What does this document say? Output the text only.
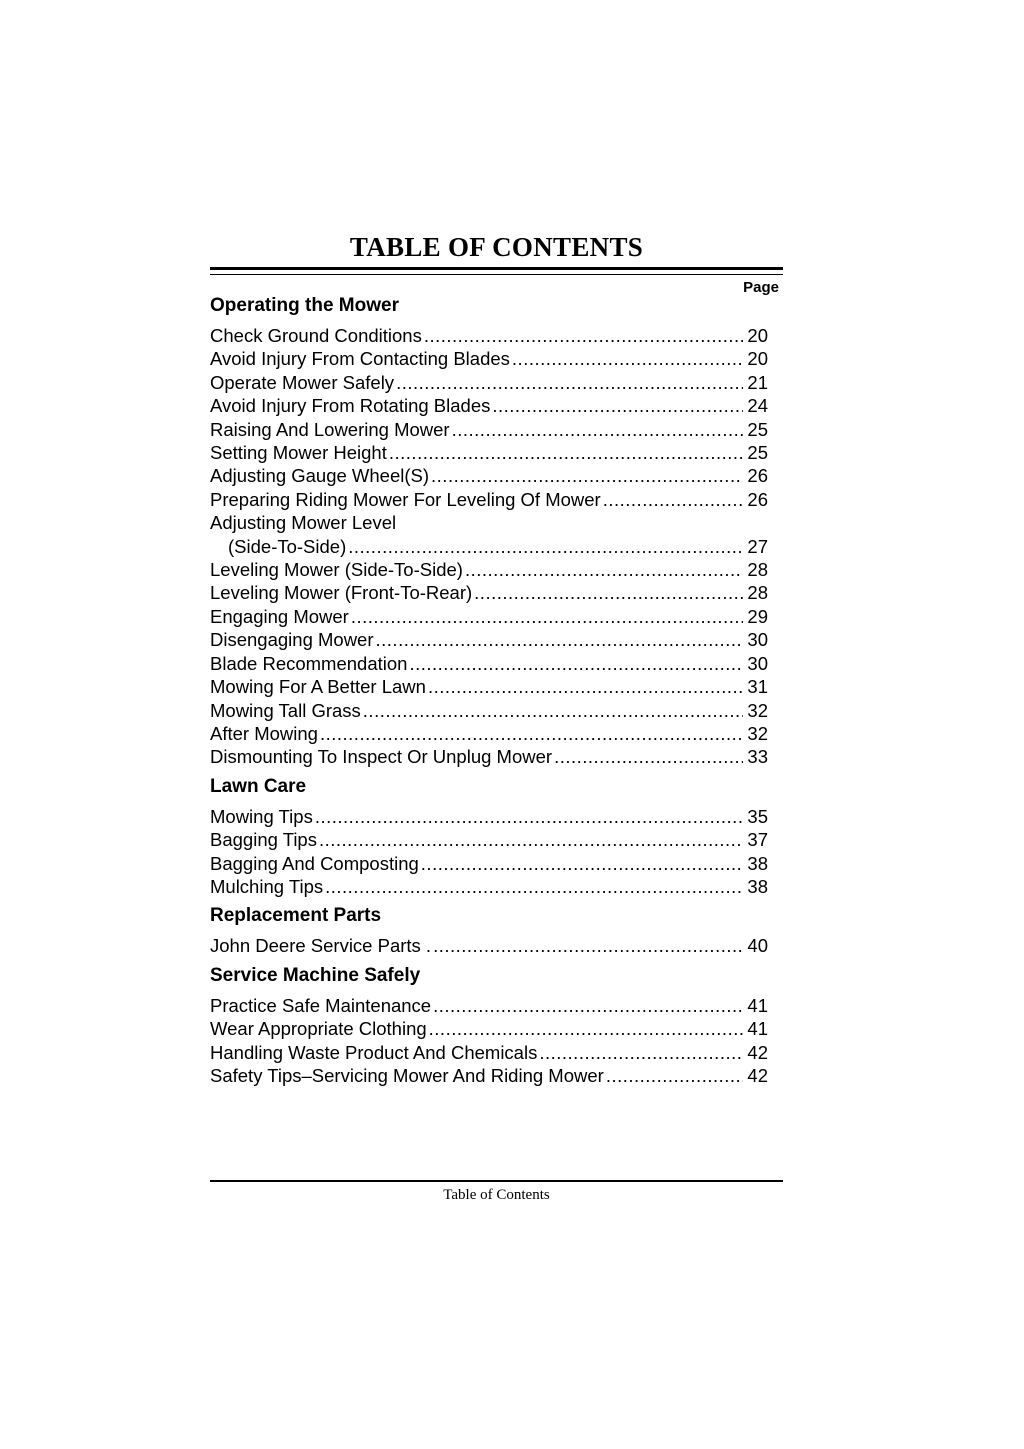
TABLE OF CONTENTS
Page
Operating the Mower
Check Ground Conditions .....	20
Avoid Injury From Contacting Blades .....	20
Operate Mower Safely .....	21
Avoid Injury From Rotating Blades .....	24
Raising And Lowering Mower .....	25
Setting Mower Height .....	25
Adjusting Gauge Wheel(S) .....	26
Preparing Riding Mower For Leveling Of Mower .....	26
Adjusting Mower Level
(Side-To-Side) .....	27
Leveling Mower (Side-To-Side) .....	28
Leveling Mower (Front-To-Rear) .....	28
Engaging Mower .....	29
Disengaging Mower .....	30
Blade Recommendation .....	30
Mowing For A Better Lawn .....	31
Mowing Tall Grass .....	32
After Mowing .....	32
Dismounting To Inspect Or Unplug Mower .....	33
Lawn Care
Mowing Tips .....	35
Bagging Tips .....	37
Bagging And Composting .....	38
Mulching Tips .....	38
Replacement Parts
John Deere Service Parts . .....	40
Service Machine Safely
Practice Safe Maintenance .....	41
Wear Appropriate Clothing .....	41
Handling Waste Product And Chemicals .....	42
Safety Tips–Servicing Mower And Riding Mower .....	42
Table of Contents
